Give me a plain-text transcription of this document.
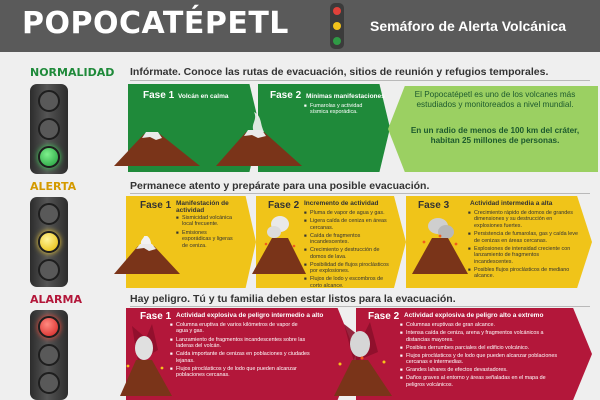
POPOCATÉPETL	Semáforo de Alerta Volcánica
NORMALIDAD Infórmate. Conoce las rutas de evacuación, sitios de reunión y refugios temporales.
Fase 1 Volcán en calma	Fase 2 Mínimas manifestaciones
■ Fumarolas y actividad sísmica esporádica.
El Popocatépetl es uno de los volcanes más estudiados y monitoreados a nivel mundial.
En un radio de menos de 100 km del cráter, habitan 25 millones de personas.
ALERTA	Permanece atento y prepárate para una posible evacuación.
Fase 1 Manifestación de actividad
■ Sismicidad volcánica local frecuente.
■ Emisiones esporádicas y ligeras de ceniza.
Fase 2 Incremento de actividad
■ Pluma de vapor de agua y gas.
■ Ligera caída de ceniza en áreas cercanas.
■ Caída de fragmentos incandescentes.
■ Crecimiento y destrucción de domos de lava.
■ Posibilidad de flujos piroclásticos por explosiones.
■ Flujos de lodo y escombros de corto alcance.
Fase 3	Actividad intermedia a alta
■ Crecimiento rápido de domos de grandes dimensiones y su destrucción en explosiones fuertes.
■ Persistencia de fumarolas, gas y caída leve de cenizas en áreas cercanas.
■ Explosiones de intensidad creciente con lanzamiento de fragmentos incandescentes.
■ Posibles flujos piroclásticos de mediano alcance.
ALARMA	Hay peligro. Tú y tu familia deben estar listos para la evacuación.
Fase 1 Actividad explosiva de peligro intermedio a alto
■ Columna eruptiva de varios kilómetros de vapor de agua y gas.
■ Lanzamiento de fragmentos incandescentes sobre las laderas del volcán.
■ Caída importante de cenizas en poblaciones y ciudades lejanas.
■ Flujos piroclásticos y de lodo que pueden alcanzar poblaciones cercanas.
Fase 2 Actividad explosiva de peligro alto a extremo
■ Columnas eruptivas de gran alcance.
■ Intensa caída de ceniza, arena y fragmentos volcánicos a distancias mayores.
■ Posibles derrumbes parciales del edificio volcánico.
■ Flujos piroclásticos y de lodo que pueden alcanzar poblaciones cercanas e intermedias.
■ Grandes lahares de efectos devastadores.
■ Daños graves al entorno y áreas señaladas en el mapa de peligros volcánicos.
